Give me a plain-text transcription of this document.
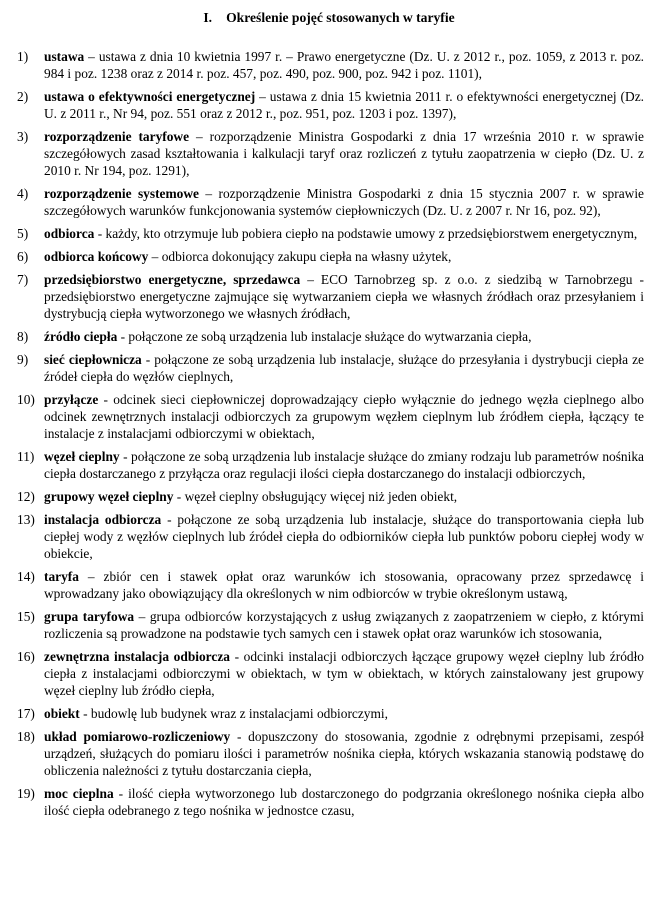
I. Określenie pojęć stosowanych w taryfie
1) ustawa – ustawa z dnia 10 kwietnia 1997 r. – Prawo energetyczne (Dz. U. z 2012 r., poz. 1059, z 2013 r. poz. 984 i poz. 1238 oraz z 2014 r. poz. 457, poz. 490, poz. 900, poz. 942 i poz. 1101),
2) ustawa o efektywności energetycznej – ustawa z dnia 15 kwietnia 2011 r. o efektywności energetycznej (Dz. U. z 2011 r., Nr 94, poz. 551 oraz z 2012 r., poz. 951, poz. 1203 i poz. 1397),
3) rozporządzenie taryfowe – rozporządzenie Ministra Gospodarki z dnia 17 września 2010 r. w sprawie szczegółowych zasad kształtowania i kalkulacji taryf oraz rozliczeń z tytułu zaopatrzenia w ciepło (Dz. U. z 2010 r. Nr 194, poz. 1291),
4) rozporządzenie systemowe – rozporządzenie Ministra Gospodarki z dnia 15 stycznia 2007 r. w sprawie szczegółowych warunków funkcjonowania systemów ciepłowniczych (Dz. U. z 2007 r. Nr 16, poz. 92),
5) odbiorca - każdy, kto otrzymuje lub pobiera ciepło na podstawie umowy z przedsiębiorstwem energetycznym,
6) odbiorca końcowy – odbiorca dokonujący zakupu ciepła na własny użytek,
7) przedsiębiorstwo energetyczne, sprzedawca – ECO Tarnobrzeg sp. z o.o. z siedzibą w Tarnobrzegu - przedsiębiorstwo energetyczne zajmujące się wytwarzaniem ciepła we własnych źródłach oraz przesyłaniem i dystrybucją ciepła wytworzonego we własnych źródłach,
8) źródło ciepła - połączone ze sobą urządzenia lub instalacje służące do wytwarzania ciepła,
9) sieć ciepłownicza - połączone ze sobą urządzenia lub instalacje, służące do przesyłania i dystrybucji ciepła ze źródeł ciepła do węzłów cieplnych,
10) przyłącze - odcinek sieci ciepłowniczej doprowadzający ciepło wyłącznie do jednego węzła cieplnego albo odcinek zewnętrznych instalacji odbiorczych za grupowym węzłem cieplnym lub źródłem ciepła, łączący te instalacje z instalacjami odbiorczymi w obiektach,
11) węzeł cieplny - połączone ze sobą urządzenia lub instalacje służące do zmiany rodzaju lub parametrów nośnika ciepła dostarczanego z przyłącza oraz regulacji ilości ciepła dostarczanego do instalacji odbiorczych,
12) grupowy węzeł cieplny - węzeł cieplny obsługujący więcej niż jeden obiekt,
13) instalacja odbiorcza - połączone ze sobą urządzenia lub instalacje, służące do transportowania ciepła lub ciepłej wody z węzłów cieplnych lub źródeł ciepła do odbiorników ciepła lub punktów poboru ciepłej wody w obiekcie,
14) taryfa – zbiór cen i stawek opłat oraz warunków ich stosowania, opracowany przez sprzedawcę i wprowadzany jako obowiązujący dla określonych w nim odbiorców w trybie określonym ustawą,
15) grupa taryfowa – grupa odbiorców korzystających z usług związanych z zaopatrzeniem w ciepło, z którymi rozliczenia są prowadzone na podstawie tych samych cen i stawek opłat oraz warunków ich stosowania,
16) zewnętrzna instalacja odbiorcza - odcinki instalacji odbiorczych łączące grupowy węzeł cieplny lub źródło ciepła z instalacjami odbiorczymi w obiektach, w tym w obiektach, w których zainstalowany jest grupowy węzeł cieplny lub źródło ciepła,
17) obiekt - budowlę lub budynek wraz z instalacjami odbiorczymi,
18) układ pomiarowo-rozliczeniowy - dopuszczony do stosowania, zgodnie z odrębnymi przepisami, zespół urządzeń, służących do pomiaru ilości i parametrów nośnika ciepła, których wskazania stanowią podstawę do obliczenia należności z tytułu dostarczania ciepła,
19) moc cieplna - ilość ciepła wytworzonego lub dostarczonego do podgrzania określonego nośnika ciepła albo ilość ciepła odebranego z tego nośnika w jednostce czasu,
